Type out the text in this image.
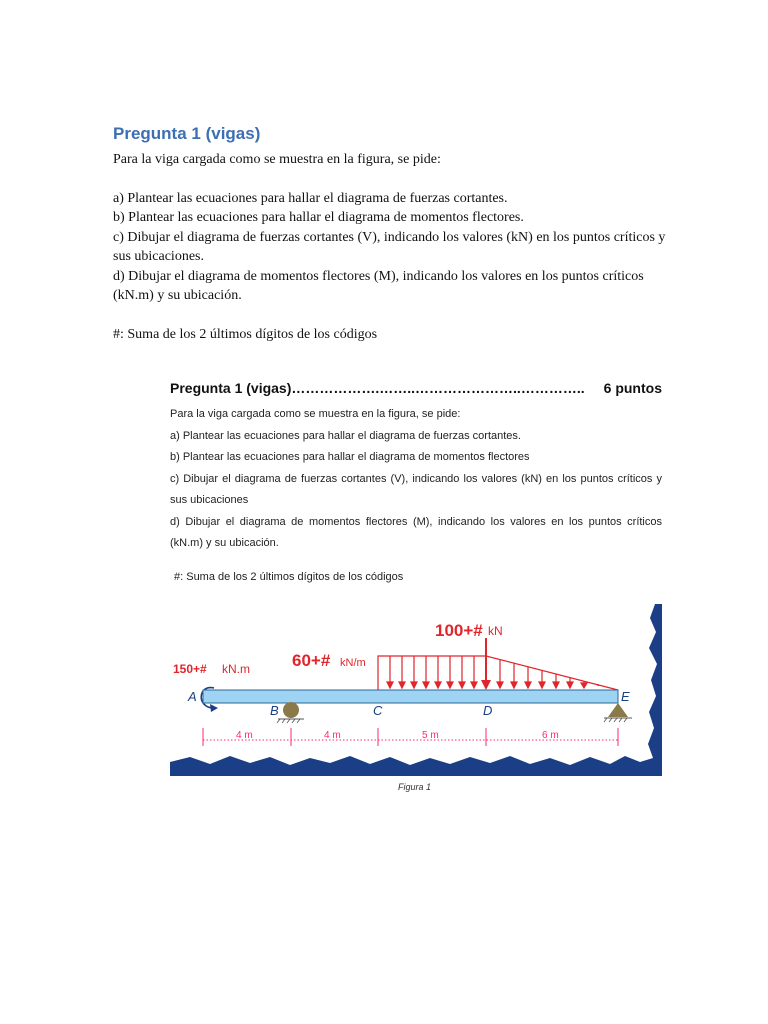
Pregunta 1 (vigas)

Para la viga cargada como se muestra en la figura, se pide:

a) Plantear las ecuaciones para hallar el diagrama de fuerzas cortantes.

b) Plantear las ecuaciones para hallar el diagrama de momentos flectores.

c) Dibujar el diagrama de fuerzas cortantes (V), indicando los valores (kN) en los puntos críticos y sus ubicaciones.

d) Dibujar el diagrama de momentos flectores (M), indicando los valores en los puntos críticos (kN.m) y su ubicación.

#: Suma de los 2 últimos dígitos de los códigos

Pregunta 1 (vigas)……………….……..…………………..………….. 6 puntos

Para la viga cargada como se muestra en la figura, se pide:

a) Plantear las ecuaciones para hallar el diagrama de fuerzas cortantes.

b) Plantear las ecuaciones para hallar el diagrama de momentos flectores

c) Dibujar el diagrama de fuerzas cortantes (V), indicando los valores (kN) en los puntos críticos y sus ubicaciones

d) Dibujar el diagrama de momentos flectores (M), indicando los valores en los puntos críticos (kN.m) y su ubicación.

#: Suma de los 2 últimos dígitos de los códigos

100+# kN
60+# kN/m
150+# kN.m
A
B	C	D
E
4 m	4 m	5 m	6 m
Figura 1
